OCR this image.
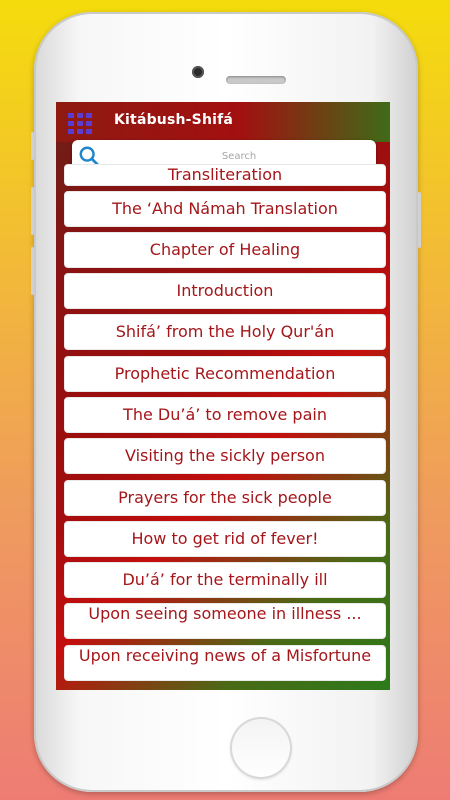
Kitábush-Shifá
Search
Transliteration
The ‘Ahd Námah Translation
Chapter of Healing
Introduction
Shifá’ from the Holy Qur'án
Prophetic Recommendation
The Du’á’ to remove pain
Visiting the sickly person
Prayers for the sick people
How to get rid of fever!
Du’á’ for the terminally ill
Upon seeing someone in illness ...
Upon receiving news of a Misfortune
